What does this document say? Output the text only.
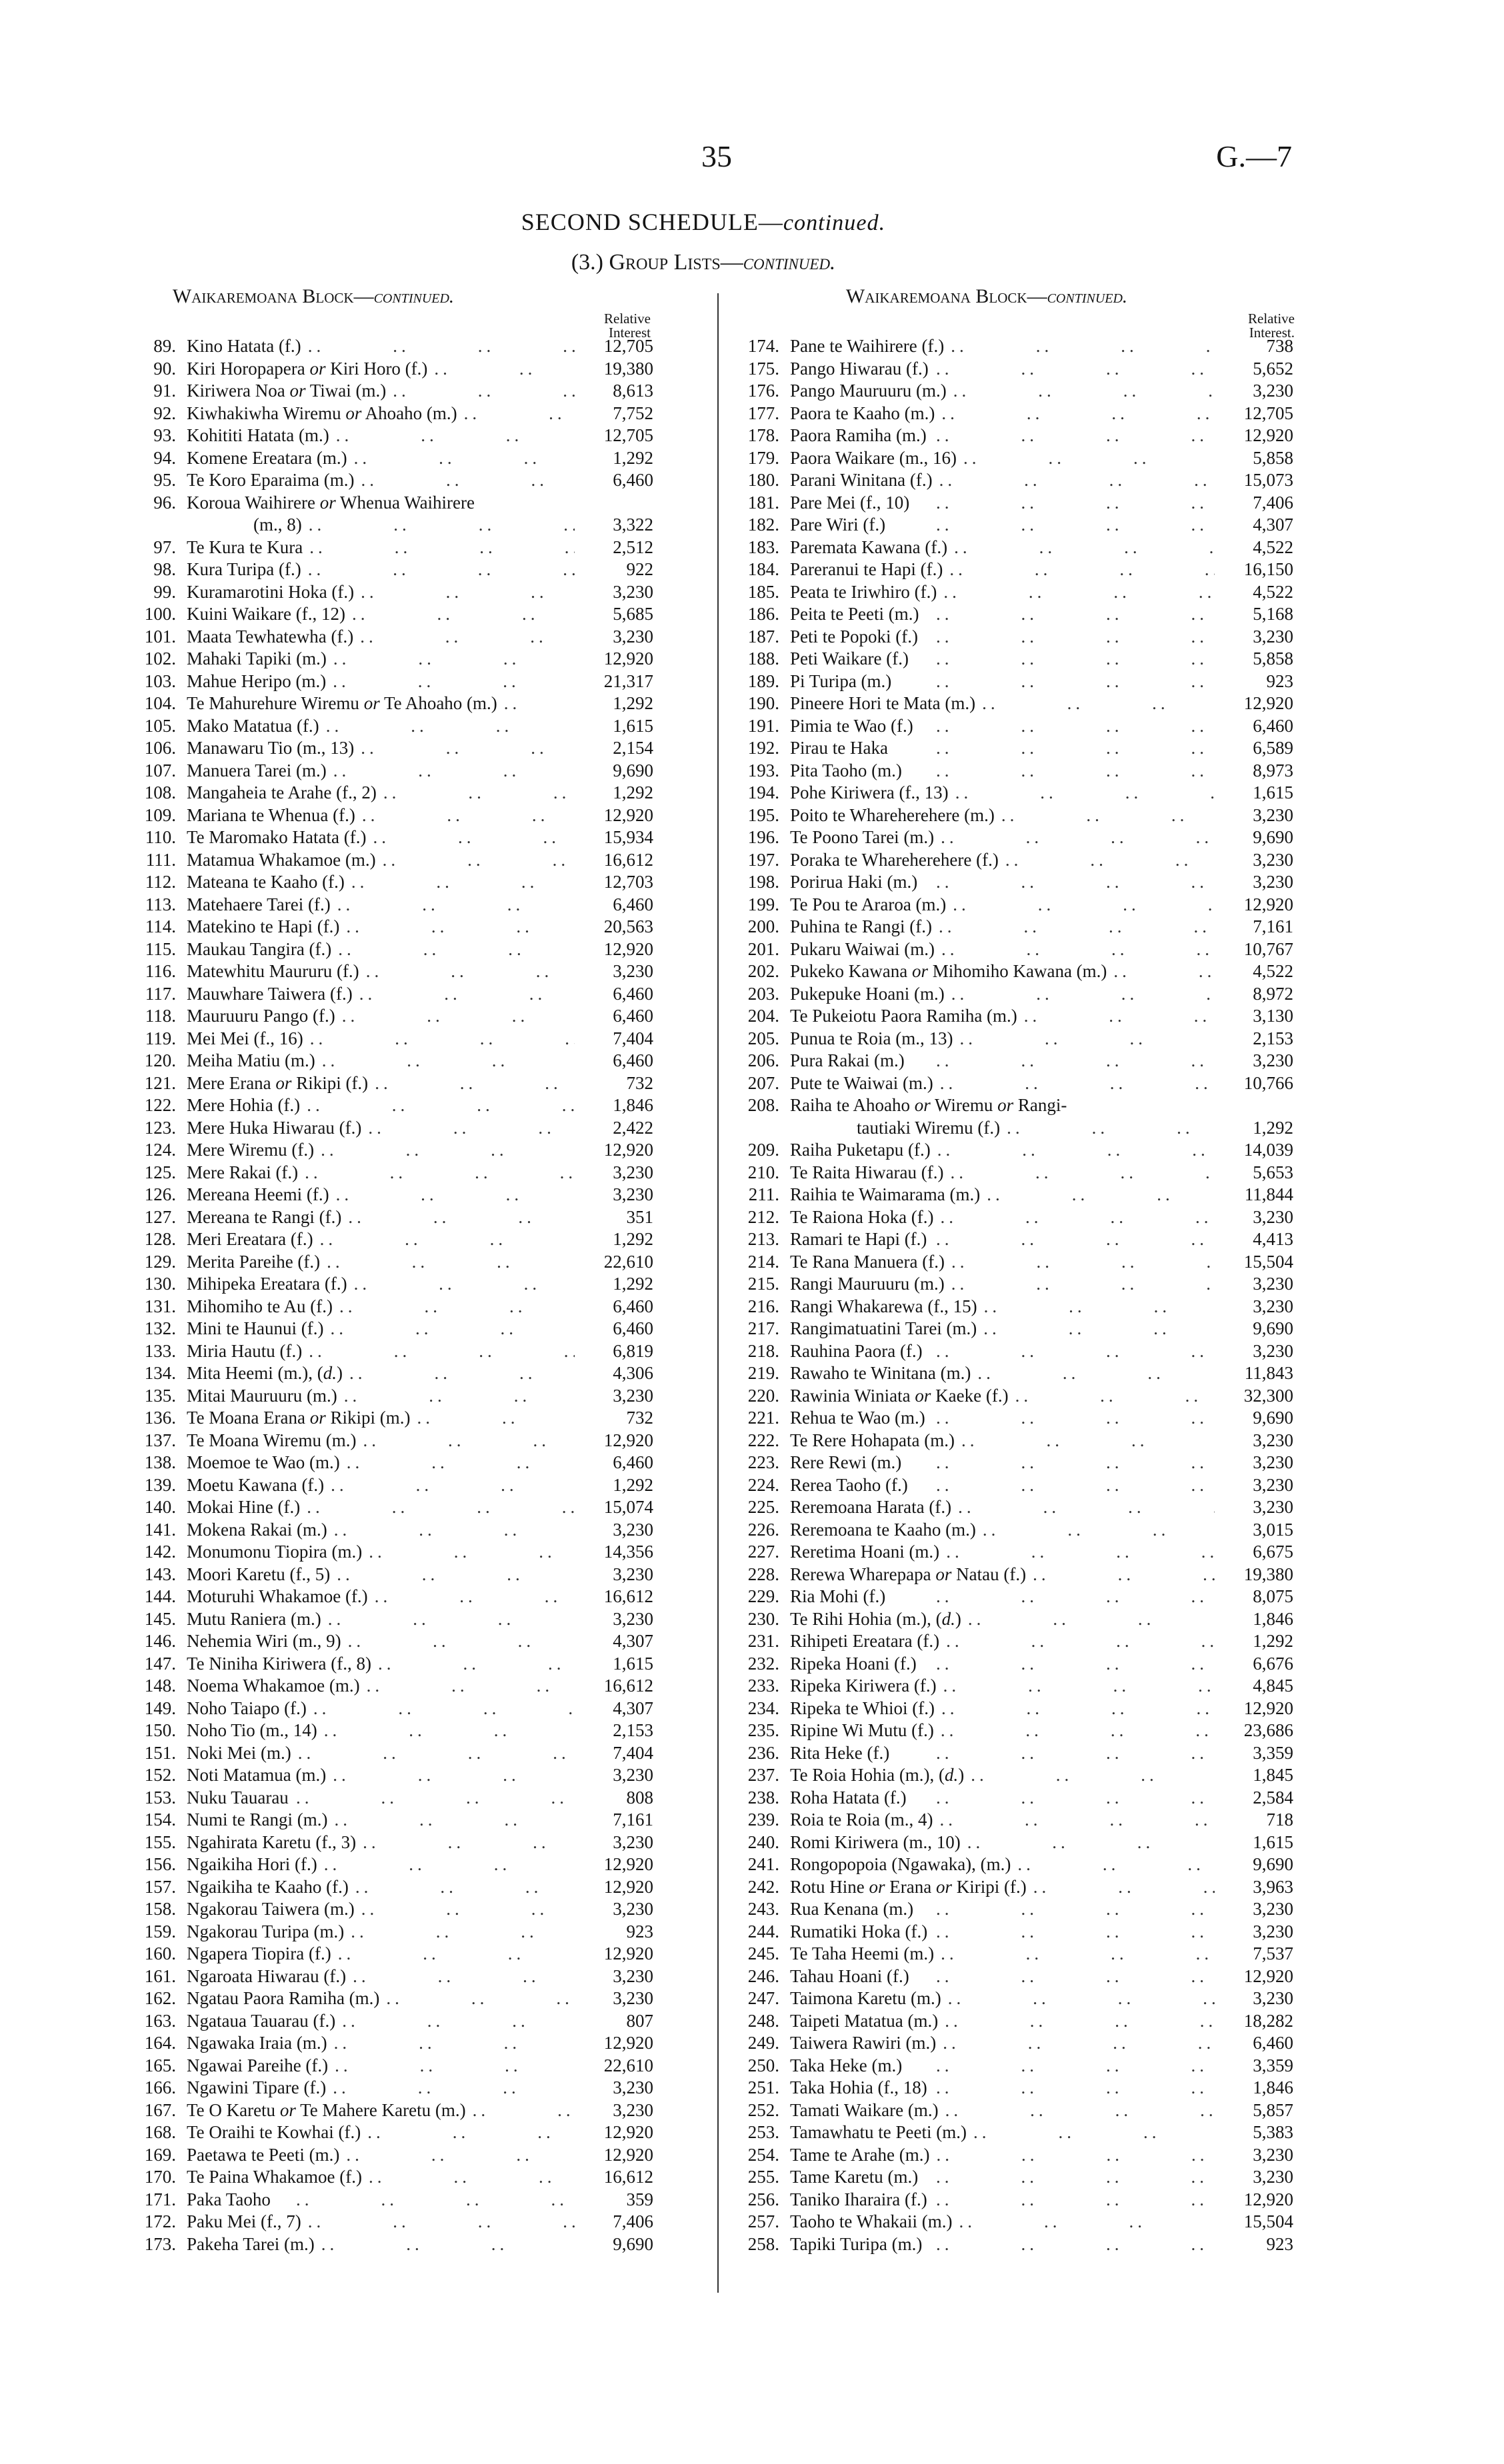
35	G.—7
SECOND SCHEDULE—continued.
(3.) Group Lists—continued.
Waikaremoana Block—continued.	Waikaremoana Block—continued.
Relative
Interest
Relative
Interest.
89. Kino Hatata (f.) ..	12,705
90. Kiri Horopapera or Kiri Horo (f.) ..	19,380
91. Kiriwera Noa or Tiwai (m.) ..	8,613
92. Kiwhakiwha Wiremu or Ahoaho (m.) ..	7,752
93. Kohititi Hatata (m.) ..	12,705
94. Komene Ereatara (m.) ..	1,292
95. Te Koro Eparaima (m.) ..	6,460
96. Koroua Waihirere or Whenua Waihirere
(m., 8) ..	3,322
97. Te Kura te Kura ..	2,512
98. Kura Turipa (f.) ..	922
99. Kuramarotini Hoka (f.) ..	3,230
100. Kuini Waikare (f., 12) ..	5,685
101. Maata Tewhatewha (f.) ..	3,230
102. Mahaki Tapiki (m.) ..	12,920
103. Mahue Heripo (m.) ..	21,317
104. Te Mahurehure Wiremu or Te Ahoaho (m.) ..	1,292
105. Mako Matatua (f.) ..	1,615
106. Manawaru Tio (m., 13) ..	2,154
107. Manuera Tarei (m.) ..	9,690
108. Mangaheia te Arahe (f., 2) ..	1,292
109. Mariana te Whenua (f.) ..	12,920
110. Te Maromako Hatata (f.) ..	15,934
111. Matamua Whakamoe (m.) ..	16,612
112. Mateana te Kaaho (f.) ..	12,703
113. Matehaere Tarei (f.) ..	6,460
114. Matekino te Hapi (f.) ..	20,563
115. Maukau Tangira (f.) ..	12,920
116. Matewhitu Maururu (f.) ..	3,230
117. Mauwhare Taiwera (f.) ..	6,460
118. Mauruuru Pango (f.) ..	6,460
119. Mei Mei (f., 16) ..	7,404
120. Meiha Matiu (m.) ..	6,460
121. Mere Erana or Rikipi (f.) ..	732
122. Mere Hohia (f.) ..	1,846
123. Mere Huka Hiwarau (f.) ..	2,422
124. Mere Wiremu (f.) ..	12,920
125. Mere Rakai (f.) ..	3,230
126. Mereana Heemi (f.) ..	3,230
127. Mereana te Rangi (f.) ..	351
128. Meri Ereatara (f.) ..	1,292
129. Merita Pareihe (f.) ..	22,610
130. Mihipeka Ereatara (f.) ..	1,292
131. Mihomiho te Au (f.) ..	6,460
132. Mini te Haunui (f.) ..	6,460
133. Miria Hautu (f.) ..	6,819
134. Mita Heemi (m.), (d.) ..	4,306
135. Mitai Mauruuru (m.) ..	3,230
136. Te Moana Erana or Rikipi (m.) ..	732
137. Te Moana Wiremu (m.) ..	12,920
138. Moemoe te Wao (m.) ..	6,460
139. Moetu Kawana (f.) ..	1,292
140. Mokai Hine (f.) ..	15,074
141. Mokena Rakai (m.) ..	3,230
142. Monumonu Tiopira (m.) ..	14,356
143. Moori Karetu (f., 5) ..	3,230
144. Moturuhi Whakamoe (f.) ..	16,612
145. Mutu Raniera (m.) ..	3,230
146. Nehemia Wiri (m., 9) ..	4,307
147. Te Niniha Kiriwera (f., 8) ..	1,615
148. Noema Whakamoe (m.) ..	16,612
149. Noho Taiapo (f.) ..	4,307
150. Noho Tio (m., 14) ..	2,153
151. Noki Mei (m.) ..	7,404
152. Noti Matamua (m.) ..	3,230
153. Nuku Tauarau ..	808
154. Numi te Rangi (m.) ..	7,161
155. Ngahirata Karetu (f., 3) ..	3,230
156. Ngaikiha Hori (f.) ..	12,920
157. Ngaikiha te Kaaho (f.) ..	12,920
158. Ngakorau Taiwera (m.) ..	3,230
159. Ngakorau Turipa (m.) ..	923
160. Ngapera Tiopira (f.) ..	12,920
161. Ngaroata Hiwarau (f.) ..	3,230
162. Ngatau Paora Ramiha (m.) ..	3,230
163. Ngataua Tauarau (f.) ..	807
164. Ngawaka Iraia (m.) ..	12,920
165. Ngawai Pareihe (f.) ..	22,610
166. Ngawini Tipare (f.) ..	3,230
167. Te O Karetu or Te Mahere Karetu (m.) ..	3,230
168. Te Oraihi te Kowhai (f.) ..	12,920
169. Paetawa te Peeti (m.) ..	12,920
170. Te Paina Whakamoe (f.) ..	16,612
171. Paka Taoho ..	359
172. Paku Mei (f., 7) ..	7,406
173. Pakeha Tarei (m.) ..	9,690
174. Pane te Waihirere (f.) ..	738
175. Pango Hiwarau (f.) ..	5,652
176. Pango Mauruuru (m.) ..	3,230
177. Paora te Kaaho (m.) ..	12,705
178. Paora Ramiha (m.) ..	12,920
179. Paora Waikare (m., 16) ..	5,858
180. Parani Winitana (f.) ..	15,073
181. Pare Mei (f., 10) ..	7,406
182. Pare Wiri (f.) ..	4,307
183. Paremata Kawana (f.) ..	4,522
184. Pareranui te Hapi (f.) ..	16,150
185. Peata te Iriwhiro (f.) ..	4,522
186. Peita te Peeti (m.) ..	5,168
187. Peti te Popoki (f.) ..	3,230
188. Peti Waikare (f.) ..	5,858
189. Pi Turipa (m.) ..	923
190. Pineere Hori te Mata (m.) ..	12,920
191. Pimia te Wao (f.) ..	6,460
192. Pirau te Haka ..	6,589
193. Pita Taoho (m.) ..	8,973
194. Pohe Kiriwera (f., 13) ..	1,615
195. Poito te Whareherehere (m.) ..	3,230
196. Te Poono Tarei (m.) ..	9,690
197. Poraka te Whareherehere (f.) ..	3,230
198. Porirua Haki (m.) ..	3,230
199. Te Pou te Araroa (m.) ..	12,920
200. Puhina te Rangi (f.) ..	7,161
201. Pukaru Waiwai (m.) ..	10,767
202. Pukeko Kawana or Mihomiho Kawana (m.) ..	4,522
203. Pukepuke Hoani (m.) ..	8,972
204. Te Pukeiotu Paora Ramiha (m.) ..	3,130
205. Punua te Roia (m., 13) ..	2,153
206. Pura Rakai (m.) ..	3,230
207. Pute te Waiwai (m.) ..	10,766
208. Raiha te Ahoaho or Wiremu or Rangi-
tautiaki Wiremu (f.) ..	1,292
209. Raiha Puketapu (f.) ..	14,039
210. Te Raita Hiwarau (f.) ..	5,653
211. Raihia te Waimarama (m.) ..	11,844
212. Te Raiona Hoka (f.) ..	3,230
213. Ramari te Hapi (f.) ..	4,413
214. Te Rana Manuera (f.) ..	15,504
215. Rangi Mauruuru (m.) ..	3,230
216. Rangi Whakarewa (f., 15) ..	3,230
217. Rangimatuatini Tarei (m.) ..	9,690
218. Rauhina Paora (f.) ..	3,230
219. Rawaho te Winitana (m.) ..	11,843
220. Rawinia Winiata or Kaeke (f.) ..	32,300
221. Rehua te Wao (m.) ..	9,690
222. Te Rere Hohapata (m.) ..	3,230
223. Rere Rewi (m.) ..	3,230
224. Rerea Taoho (f.) ..	3,230
225. Reremoana Harata (f.) ..	3,230
226. Reremoana te Kaaho (m.) ..	3,015
227. Reretima Hoani (m.) ..	6,675
228. Rerewa Wharepapa or Natau (f.) ..	19,380
229. Ria Mohi (f.) ..	8,075
230. Te Rihi Hohia (m.), (d.) ..	1,846
231. Rihipeti Ereatara (f.) ..	1,292
232. Ripeka Hoani (f.) ..	6,676
233. Ripeka Kiriwera (f.) ..	4,845
234. Ripeka te Whioi (f.) ..	12,920
235. Ripine Wi Mutu (f.) ..	23,686
236. Rita Heke (f.) ..	3,359
237. Te Roia Hohia (m.), (d.) ..	1,845
238. Roha Hatata (f.) ..	2,584
239. Roia te Roia (m., 4) ..	718
240. Romi Kiriwera (m., 10) ..	1,615
241. Rongopopoia (Ngawaka), (m.) ..	9,690
242. Rotu Hine or Erana or Kiripi (f.) ..	3,963
243. Rua Kenana (m.) ..	3,230
244. Rumatiki Hoka (f.) ..	3,230
245. Te Taha Heemi (m.) ..	7,537
246. Tahau Hoani (f.) ..	12,920
247. Taimona Karetu (m.) ..	3,230
248. Taipeti Matatua (m.) ..	18,282
249. Taiwera Rawiri (m.) ..	6,460
250. Taka Heke (m.) ..	3,359
251. Taka Hohia (f., 18) ..	1,846
252. Tamati Waikare (m.) ..	5,857
253. Tamawhatu te Peeti (m.) ..	5,383
254. Tame te Arahe (m.) ..	3,230
255. Tame Karetu (m.) ..	3,230
256. Taniko Iharaira (f.) ..	12,920
257. Taoho te Whakaii (m.) ..	15,504
258. Tapiki Turipa (m.) ..	923
